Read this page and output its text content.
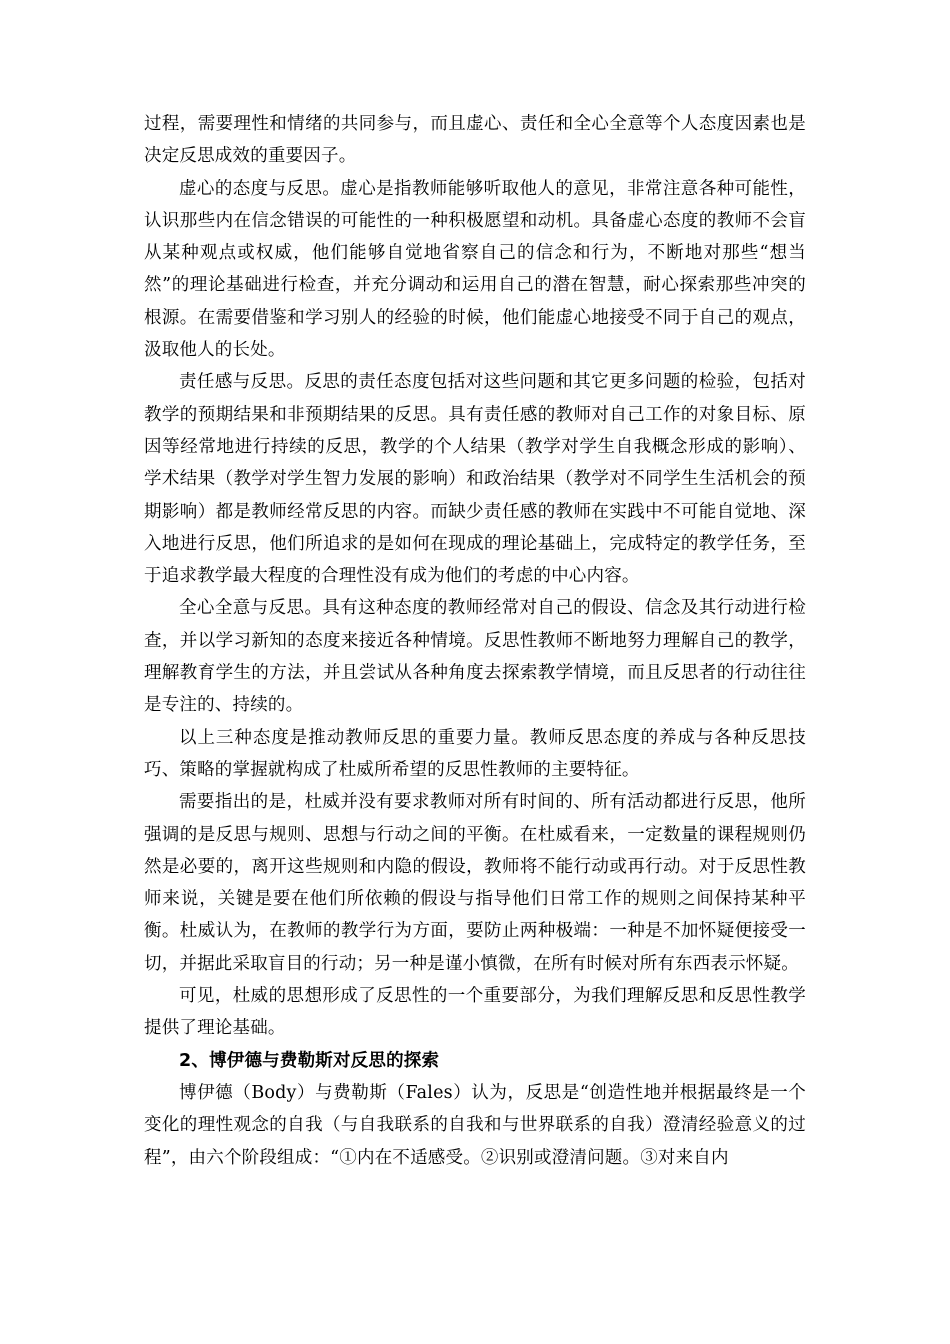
过程，需要理性和情绪的共同参与，而且虚心、责任和全心全意等个人态度因素也是决定反思成效的重要因子。

虚心的态度与反思。虚心是指教师能够听取他人的意见，非常注意各种可能性，认识那些内在信念错误的可能性的一种积极愿望和动机。具备虚心态度的教师不会盲从某种观点或权威，他们能够自觉地省察自己的信念和行为，不断地对那些“想当然”的理论基础进行检查，并充分调动和运用自己的潜在智慧，耐心探索那些冲突的根源。在需要借鉴和学习别人的经验的时候，他们能虚心地接受不同于自己的观点，汲取他人的长处。

责任感与反思。反思的责任态度包括对这些问题和其它更多问题的检验，包括对教学的预期结果和非预期结果的反思。具有责任感的教师对自己工作的对象目标、原因等经常地进行持续的反思，教学的个人结果（教学对学生自我概念形成的影响）、学术结果（教学对学生智力发展的影响）和政治结果（教学对不同学生生活机会的预期影响）都是教师经常反思的内容。而缺少责任感的教师在实践中不可能自觉地、深入地进行反思，他们所追求的是如何在现成的理论基础上，完成特定的教学任务，至于追求教学最大程度的合理性没有成为他们的考虑的中心内容。

全心全意与反思。具有这种态度的教师经常对自己的假设、信念及其行动进行检查，并以学习新知的态度来接近各种情境。反思性教师不断地努力理解自己的教学，理解教育学生的方法，并且尝试从各种角度去探索教学情境，而且反思者的行动往往是专注的、持续的。

以上三种态度是推动教师反思的重要力量。教师反思态度的养成与各种反思技巧、策略的掌握就构成了杜威所希望的反思性教师的主要特征。

需要指出的是，杜威并没有要求教师对所有时间的、所有活动都进行反思，他所强调的是反思与规则、思想与行动之间的平衡。在杜威看来，一定数量的课程规则仍然是必要的，离开这些规则和内隐的假设，教师将不能行动或再行动。对于反思性教师来说，关键是要在他们所依赖的假设与指导他们日常工作的规则之间保持某种平衡。杜威认为，在教师的教学行为方面，要防止两种极端：一种是不加怀疑便接受一切，并据此采取盲目的行动；另一种是谨小慎微，在所有时候对所有东西表示怀疑。

可见，杜威的思想形成了反思性的一个重要部分，为我们理解反思和反思性教学提供了理论基础。

2、博伊德与费勒斯对反思的探索

博伊德（Body）与费勒斯（Fales）认为，反思是“创造性地并根据最终是一个变化的理性观念的自我（与自我联系的自我和与世界联系的自我）澄清经验意义的过程”，由六个阶段组成：“①内在不适感受。②识别或澄清问题。③对来自内
